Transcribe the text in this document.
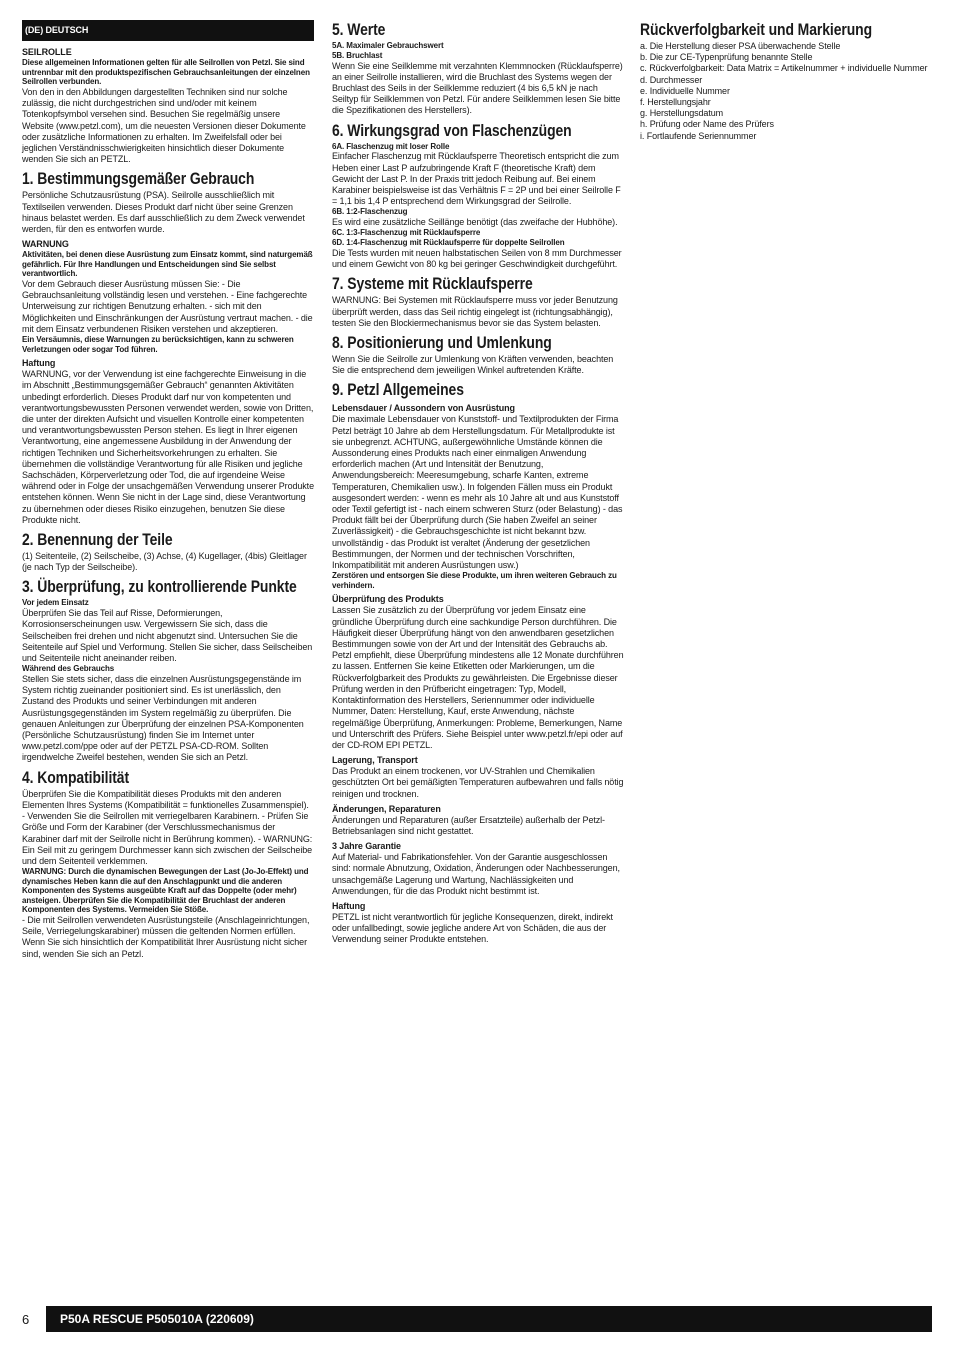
(DE) DEUTSCH
SEILROLLE

Diese allgemeinen Informationen gelten für alle Seilrollen von Petzl. Sie sind untrennbar mit den produktspezifischen Gebrauchsanleitungen der einzelnen Seilrollen verbunden.

Von den in den Abbildungen dargestellten Techniken sind nur solche zulässig, die nicht durchgestrichen sind und/oder mit keinem Totenkopfsymbol versehen sind. Besuchen Sie regelmäßig unsere Website (www.petzl.com), um die neuesten Versionen dieser Dokumente oder zusätzliche Informationen zu erhalten. Im Zweifelsfall oder bei jeglichen Verständnisschwierigkeiten hinsichtlich dieser Dokumente wenden Sie sich an PETZL.

1. Bestimmungsgemäßer Gebrauch

Persönliche Schutzausrüstung (PSA). Seilrolle ausschließlich mit Textilseilen verwenden. Dieses Produkt darf nicht über seine Grenzen hinaus belastet werden. Es darf ausschließlich zu dem Zweck verwendet werden, für den es entworfen wurde.

WARNUNG

Aktivitäten, bei denen diese Ausrüstung zum Einsatz kommt, sind naturgemäß gefährlich. Für Ihre Handlungen und Entscheidungen sind Sie selbst verantwortlich.

Vor dem Gebrauch dieser Ausrüstung müssen Sie: - Die Gebrauchsanleitung vollständig lesen und verstehen. - Eine fachgerechte Unterweisung zur richtigen Benutzung erhalten. - sich mit den Möglichkeiten und Einschränkungen der Ausrüstung vertraut machen. - die mit dem Einsatz verbundenen Risiken verstehen und akzeptieren.

Ein Versäumnis, diese Warnungen zu berücksichtigen, kann zu schweren Verletzungen oder sogar Tod führen.

Haftung

WARNUNG, vor der Verwendung ist eine fachgerechte Einweisung in die im Abschnitt „Bestimmungsgemäßer Gebrauch“ genannten Aktivitäten unbedingt erforderlich. Dieses Produkt darf nur von kompetenten und verantwortungsbewussten Personen verwendet werden, sowie von Dritten, die unter der direkten Aufsicht und visuellen Kontrolle einer kompetenten und verantwortungsbewussten Person stehen. Es liegt in Ihrer eigenen Verantwortung, eine angemessene Ausbildung in der Anwendung der richtigen Techniken und Sicherheitsvorkehrungen zu erhalten. Sie übernehmen die vollständige Verantwortung für alle Risiken und jegliche Sachschäden, Körperverletzung oder Tod, die auf irgendeine Weise während oder in Folge der unsachgemäßen Verwendung unserer Produkte entstehen können. Wenn Sie nicht in der Lage sind, diese Verantwortung zu übernehmen oder dieses Risiko einzugehen, benutzen Sie diese Produkte nicht.

2. Benennung der Teile

(1) Seitenteile, (2) Seilscheibe, (3) Achse, (4) Kugellager, (4bis) Gleitlager (je nach Typ der Seilscheibe).

3. Überprüfung, zu kontrollierende Punkte
Vor jedem Einsatz

Überprüfen Sie das Teil auf Risse, Deformierungen, Korrosionserscheinungen usw. Vergewissern Sie sich, dass die Seilscheiben frei drehen und nicht abgenutzt sind. Untersuchen Sie die Seitenteile auf Spiel und Verformung. Stellen Sie sicher, dass Seilscheiben und Seitenteile nicht aneinander reiben.

Während des Gebrauchs

Stellen Sie stets sicher, dass die einzelnen Ausrüstungsgegenstände im System richtig zueinander positioniert sind. Es ist unerlässlich, den Zustand des Produkts und seiner Verbindungen mit anderen Ausrüstungsgegenständen im System regelmäßig zu überprüfen. Die genauen Anleitungen zur Überprüfung der einzelnen PSA-Komponenten (Persönliche Schutzausrüstung) finden Sie im Internet unter www.petzl.com/ppe oder auf der PETZL PSA-CD-ROM. Sollten irgendwelche Zweifel bestehen, wenden Sie sich an Petzl.

4. Kompatibilität

Überprüfen Sie die Kompatibilität dieses Produkts mit den anderen Elementen Ihres Systems (Kompatibilität = funktionelles Zusammenspiel). - Verwenden Sie die Seilrollen mit verriegelbaren Karabinern. - Prüfen Sie Größe und Form der Karabiner (der Verschlussmechanismus der Karabiner darf mit der Seilrolle nicht in Berührung kommen). - WARNUNG: Ein Seil mit zu geringem Durchmesser kann sich zwischen der Seilscheibe und dem Seitenteil verklemmen.

WARNUNG: Durch die dynamischen Bewegungen der Last (Jo-Jo-Effekt) und dynamisches Heben kann die auf den Anschlagpunkt und die anderen Komponenten des Systems ausgeübte Kraft auf das Doppelte (oder mehr) ansteigen. Überprüfen Sie die Kompatibilität der Bruchlast der anderen Komponenten des Systems. Vermeiden Sie Stöße.

- Die mit Seilrollen verwendeten Ausrüstungsteile (Anschlageinrichtungen, Seile, Verriegelungskarabiner) müssen die geltenden Normen erfüllen. Wenn Sie sich hinsichtlich der Kompatibilität Ihrer Ausrüstung nicht sicher sind, wenden Sie sich an Petzl.

5. Werte
5A. Maximaler Gebrauchswert
5B. Bruchlast

Wenn Sie eine Seilklemme mit verzahnten Klemmnocken (Rücklaufsperre) an einer Seilrolle installieren, wird die Bruchlast des Systems wegen der Bruchlast des Seils in der Seilklemme reduziert (4 bis 6,5 kN je nach Seiltyp für Seilklemmen von Petzl. Für andere Seilklemmen lesen Sie bitte die Spezifikationen des Herstellers).

6. Wirkungsgrad von Flaschenzügen
6A. Flaschenzug mit loser Rolle

Einfacher Flaschenzug mit Rücklaufsperre Theoretisch entspricht die zum Heben einer Last P aufzubringende Kraft F (theoretische Kraft) dem Gewicht der Last P. In der Praxis tritt jedoch Reibung auf. Bei einem Karabiner beispielsweise ist das Verhältnis F = 2P und bei einer Seilrolle F = 1,1 bis 1,4 P entsprechend dem Wirkungsgrad der Seilrolle.

6B. 1:2-Flaschenzug

Es wird eine zusätzliche Seillänge benötigt (das zweifache der Hubhöhe).

6C. 1:3-Flaschenzug mit Rücklaufsperre
6D. 1:4-Flaschenzug mit Rücklaufsperre für doppelte Seilrollen

Die Tests wurden mit neuen halbstatischen Seilen von 8 mm Durchmesser und einem Gewicht von 80 kg bei geringer Geschwindigkeit durchgeführt.

7. Systeme mit Rücklaufsperre

WARNUNG: Bei Systemen mit Rücklaufsperre muss vor jeder Benutzung überprüft werden, dass das Seil richtig eingelegt ist (richtungsabhängig), testen Sie den Blockiermechanismus bevor sie das System belasten.

8. Positionierung und Umlenkung

Wenn Sie die Seilrolle zur Umlenkung von Kräften verwenden, beachten Sie die entsprechend dem jeweiligen Winkel auftretenden Kräfte.

9. Petzl Allgemeines
Lebensdauer / Aussondern von Ausrüstung

Die maximale Lebensdauer von Kunststoff- und Textilprodukten der Firma Petzl beträgt 10 Jahre ab dem Herstellungsdatum. Für Metallprodukte ist sie unbegrenzt. ACHTUNG, außergewöhnliche Umstände können die Aussonderung eines Produkts nach einer einmaligen Anwendung erforderlich machen (Art und Intensität der Benutzung, Anwendungsbereich: Meeresumgebung, scharfe Kanten, extreme Temperaturen, Chemikalien usw.). In folgenden Fällen muss ein Produkt ausgesondert werden: - wenn es mehr als 10 Jahre alt und aus Kunststoff oder Textil gefertigt ist - nach einem schweren Sturz (oder Belastung) - das Produkt fällt bei der Überprüfung durch (Sie haben Zweifel an seiner Zuverlässigkeit) - die Gebrauchsgeschichte ist nicht bekannt bzw. unvollständig - das Produkt ist veraltet (Änderung der gesetzlichen Bestimmungen, der Normen und der technischen Vorschriften, Inkompatibilität mit anderen Ausrüstungen usw.)

Zerstören und entsorgen Sie diese Produkte, um ihren weiteren Gebrauch zu verhindern.

Überprüfung des Produkts

Lassen Sie zusätzlich zu der Überprüfung vor jedem Einsatz eine gründliche Überprüfung durch eine sachkundige Person durchführen. Die Häufigkeit dieser Überprüfung hängt von den anwendbaren gesetzlichen Bestimmungen sowie von der Art und der Intensität des Gebrauchs ab. Petzl empfiehlt, diese Überprüfung mindestens alle 12 Monate durchführen zu lassen. Entfernen Sie keine Etiketten oder Markierungen, um die Rückverfolgbarkeit des Produkts zu gewährleisten. Die Ergebnisse dieser Prüfung werden in den Prüfbericht eingetragen: Typ, Modell, Kontaktinformation des Herstellers, Seriennummer oder individuelle Nummer, Daten: Herstellung, Kauf, erste Anwendung, nächste regelmäßige Überprüfung, Anmerkungen: Probleme, Bemerkungen, Name und Unterschrift des Prüfers. Siehe Beispiel unter www.petzl.fr/epi oder auf der CD-ROM EPI PETZL.

Lagerung, Transport

Das Produkt an einem trockenen, vor UV-Strahlen und Chemikalien geschützten Ort bei gemäßigten Temperaturen aufbewahren und falls nötig reinigen und trocknen.

Änderungen, Reparaturen

Änderungen und Reparaturen (außer Ersatzteile) außerhalb der Petzl-Betriebsanlagen sind nicht gestattet.

3 Jahre Garantie

Auf Material- und Fabrikationsfehler. Von der Garantie ausgeschlossen sind: normale Abnutzung, Oxidation, Änderungen oder Nachbesserungen, unsachgemäße Lagerung und Wartung, Nachlässigkeiten und Anwendungen, für die das Produkt nicht bestimmt ist.

Haftung

PETZL ist nicht verantwortlich für jegliche Konsequenzen, direkt, indirekt oder unfallbedingt, sowie jegliche andere Art von Schäden, die aus der Verwendung seiner Produkte entstehen.

Rückverfolgbarkeit und Markierung

a. Die Herstellung dieser PSA überwachende Stelle

b. Die zur CE-Typenprüfung benannte Stelle

c. Rückverfolgbarkeit: Data Matrix = Artikelnummer + individuelle Nummer

d. Durchmesser

e. Individuelle Nummer

f. Herstellungsjahr

g. Herstellungsdatum

h. Prüfung oder Name des Prüfers

i. Fortlaufende Seriennummer

6	P50A RESCUE P505010A (220609)
